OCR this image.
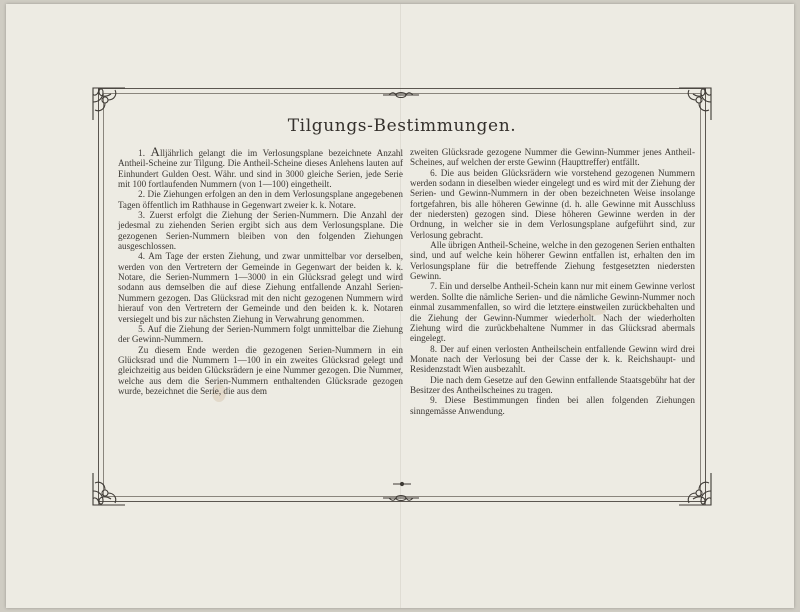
Tilgungs-Bestimmungen.

1. Alljährlich gelangt die im Verlosungsplane bezeichnete Anzahl Antheil-Scheine zur Tilgung. Die Antheil-Scheine dieses Anlehens lauten auf Einhundert Gulden Oest. Währ. und sind in 3000 gleiche Serien, jede Serie mit 100 fortlaufenden Nummern (von 1—100) eingetheilt.

2. Die Ziehungen erfolgen an den in dem Verlosungsplane angegebenen Tagen öffentlich im Rathhause in Gegenwart zweier k. k. Notare.

3. Zuerst erfolgt die Ziehung der Serien-Nummern. Die Anzahl der jedesmal zu ziehenden Serien ergibt sich aus dem Verlosungsplane. Die gezogenen Serien-Nummern bleiben von den folgenden Ziehungen ausgeschlossen.

4. Am Tage der ersten Ziehung, und zwar unmittelbar vor derselben, werden von den Vertretern der Gemeinde in Gegenwart der beiden k. k. Notare, die Serien-Nummern 1—3000 in ein Glücksrad gelegt und wird sodann aus demselben die auf diese Ziehung entfallende Anzahl Serien-Nummern gezogen. Das Glücksrad mit den nicht gezogenen Nummern wird hierauf von den Vertretern der Gemeinde und den beiden k. k. Notaren versiegelt und bis zur nächsten Ziehung in Verwahrung genommen.

5. Auf die Ziehung der Serien-Nummern folgt unmittelbar die Ziehung der Gewinn-Nummern.

Zu diesem Ende werden die gezogenen Serien-Nummern in ein Glücksrad und die Nummern 1—100 in ein zweites Glücksrad gelegt und gleichzeitig aus beiden Glücksrädern je eine Nummer gezogen. Die Nummer, welche aus dem die Serien-Nummern enthaltenden Glücksrade gezogen wurde, bezeichnet die Serie, die aus dem

zweiten Glücksrade gezogene Nummer die Gewinn-Nummer jenes Antheil-Scheines, auf welchen der erste Gewinn (Haupttreffer) entfällt.

6. Die aus beiden Glücksrädern wie vorstehend gezogenen Nummern werden sodann in dieselben wieder eingelegt und es wird mit der Ziehung der Serien- und Gewinn-Nummern in der oben bezeichneten Weise insolange fortgefahren, bis alle höheren Gewinne (d. h. alle Gewinne mit Ausschluss der niedersten) gezogen sind. Diese höheren Gewinne werden in der Ordnung, in welcher sie in dem Verlosungsplane aufgeführt sind, zur Verlosung gebracht.

Alle übrigen Antheil-Scheine, welche in den gezogenen Serien enthalten sind, und auf welche kein höherer Gewinn entfallen ist, erhalten den im Verlosungsplane für die betreffende Ziehung festgesetzten niedersten Gewinn.

7. Ein und derselbe Antheil-Schein kann nur mit einem Gewinne verlost werden. Sollte die nämliche Serien- und die nämliche Gewinn-Nummer noch einmal zusammenfallen, so wird die letztere einstweilen zurückbehalten und die Ziehung der Gewinn-Nummer wiederholt. Nach der wiederholten Ziehung wird die zurückbehaltene Nummer in das Glücksrad abermals eingelegt.

8. Der auf einen verlosten Antheilschein entfallende Gewinn wird drei Monate nach der Verlosung bei der Casse der k. k. Reichshaupt- und Residenzstadt Wien ausbezahlt.

Die nach dem Gesetze auf den Gewinn entfallende Staatsgebühr hat der Besitzer des Antheilscheines zu tragen.

9. Diese Bestimmungen finden bei allen folgenden Ziehungen sinngemässe Anwendung.
